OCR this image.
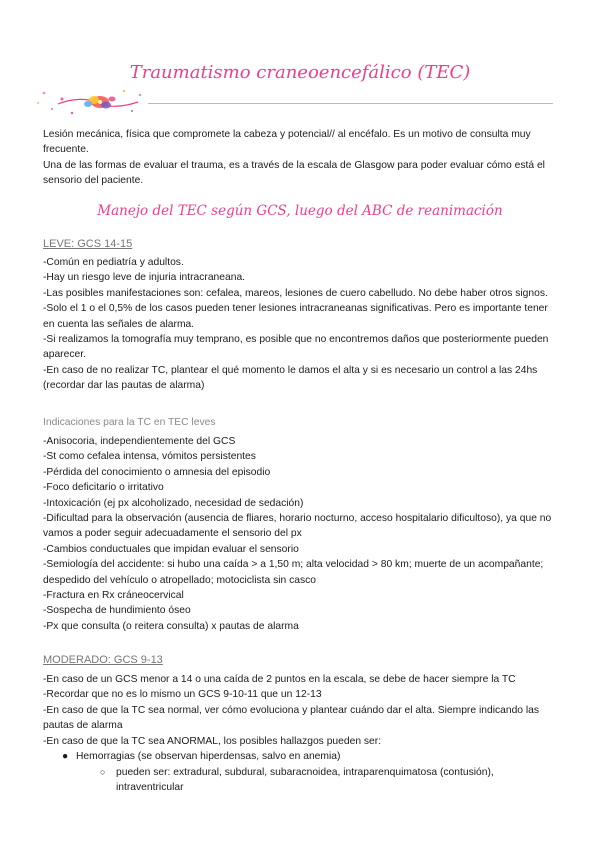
Traumatismo craneoencefálico (TEC)

Lesión mecánica, física que compromete la cabeza y potencial// al encéfalo. Es un motivo de consulta muy frecuente.

Una de las formas de evaluar el trauma, es a través de la escala de Glasgow para poder evaluar cómo está el sensorio del paciente.

Manejo del TEC según GCS, luego del ABC de reanimación
LEVE: GCS 14-15
-Común en pediatría y adultos.
-Hay un riesgo leve de injuria intracraneana.
-Las posibles manifestaciones son: cefalea, mareos, lesiones de cuero cabelludo. No debe haber otros signos.
-Solo el 1 o el 0,5% de los casos pueden tener lesiones intracraneanas significativas. Pero es importante tener en cuenta las señales de alarma.
-Si realizamos la tomografía muy temprano, es posible que no encontremos daños que posteriormente pueden aparecer.
-En caso de no realizar TC, plantear el qué momento le damos el alta y si es necesario un control a las 24hs (recordar dar las pautas de alarma)
Indicaciones para la TC en TEC leves
-Anisocoria, independientemente del GCS
-St como cefalea intensa, vómitos persistentes
-Pérdida del conocimiento o amnesia del episodio
-Foco deficitario o irritativo
-Intoxicación (ej px alcoholizado, necesidad de sedación)
-Dificultad para la observación (ausencia de fliares, horario nocturno, acceso hospitalario dificultoso), ya que no vamos a poder seguir adecuadamente el sensorio del px
-Cambios conductuales que impidan evaluar el sensorio
-Semiología del accidente: si hubo una caída > a 1,50 m; alta velocidad > 80 km; muerte de un acompañante; despedido del vehículo o atropellado; motociclista sin casco
-Fractura en Rx cráneocervical
-Sospecha de hundimiento óseo
-Px que consulta (o reitera consulta) x pautas de alarma
MODERADO: GCS 9-13
-En caso de un GCS menor a 14 o una caída de 2 puntos en la escala, se debe de hacer siempre la TC
-Recordar que no es lo mismo un GCS 9-10-11 que un 12-13
-En caso de que la TC sea normal, ver cómo evoluciona y plantear cuándo dar el alta. Siempre indicando las pautas de alarma
-En caso de que la TC sea ANORMAL, los posibles hallazgos pueden ser:

● Hemorragias (se observan hiperdensas, salvo en anemia)

○ pueden ser: extradural, subdural, subaracnoidea, intraparenquimatosa (contusión), intraventricular
